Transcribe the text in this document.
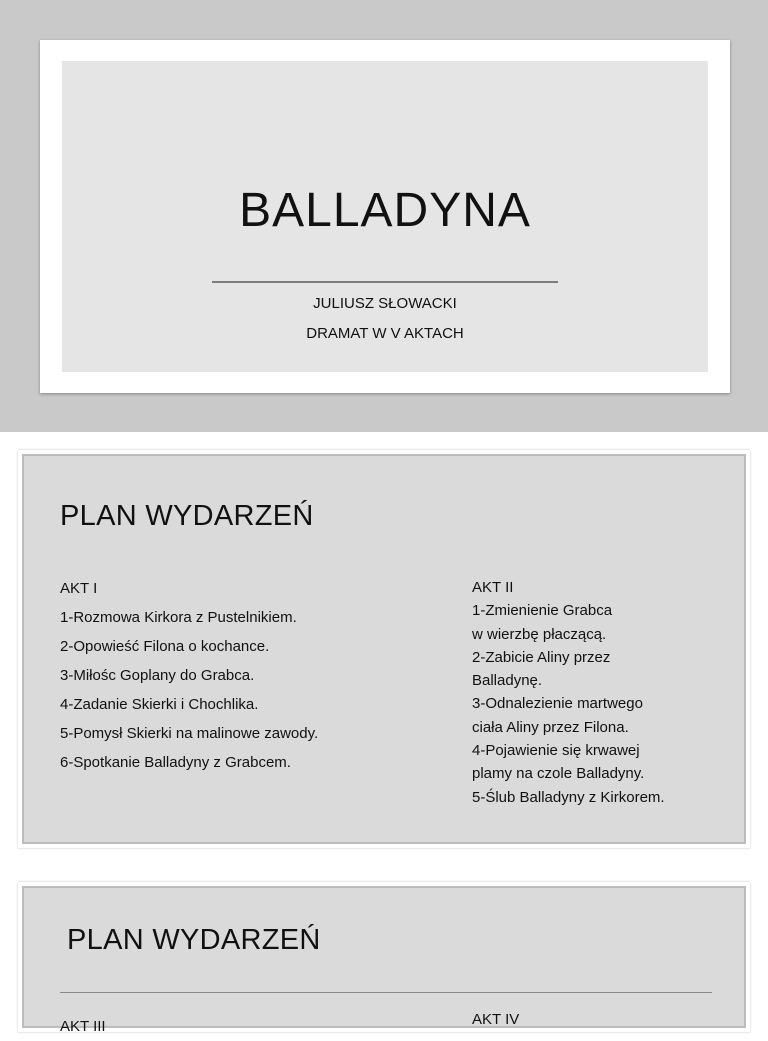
BALLADYNA
JULIUSZ SŁOWACKI
DRAMAT W V AKTACH
PLAN WYDARZEŃ

AKT I

1-Rozmowa Kirkora z Pustelnikiem.

2-Opowieść Filona o kochance.

3-Miłośc Goplany do Grabca.

4-Zadanie Skierki i Chochlika.

5-Pomysł Skierki na malinowe zawody.

6-Spotkanie Balladyny z Grabcem.

AKT II

1-Zmienienie Grabca

w wierzbę płaczącą.

2-Zabicie Aliny przez

Balladynę.

3-Odnalezienie martwego

ciała Aliny przez Filona.

4-Pojawienie się krwawej

plamy na czole Balladyny.

5-Ślub Balladyny z Kirkorem.

PLAN WYDARZEŃ

AKT III	AKT IV
